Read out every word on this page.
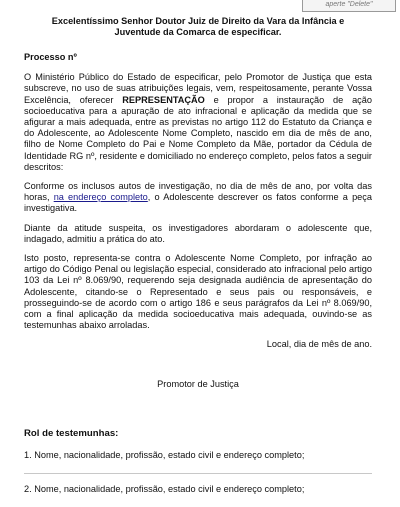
aperte "Delete"
Excelentíssimo Senhor Doutor Juiz de Direito da Vara da Infância e Juventude da Comarca de especificar.
Processo nº

O Ministério Público do Estado de especificar, pelo Promotor de Justiça que esta subscreve, no uso de suas atribuições legais, vem, respeitosamente, perante Vossa Excelência, oferecer REPRESENTAÇÃO e propor a instauração de ação socioeducativa para a apuração de ato infracional e aplicação da medida que se afigurar a mais adequada, entre as previstas no artigo 112 do Estatuto da Criança e do Adolescente, ao Adolescente Nome Completo, nascido em dia de mês de ano, filho de Nome Completo do Pai e Nome Completo da Mãe, portador da Cédula de Identidade RG nº, residente e domiciliado no endereço completo, pelos fatos a seguir descritos:

Conforme os inclusos autos de investigação, no dia de mês de ano, por volta das horas, na endereço completo, o Adolescente descrever os fatos conforme a peça investigativa.

Diante da atitude suspeita, os investigadores abordaram o adolescente que, indagado, admitiu a prática do ato.

Isto posto, representa-se contra o Adolescente Nome Completo, por infração ao artigo do Código Penal ou legislação especial, considerado ato infracional pelo artigo 103 da Lei nº 8.069/90, requerendo seja designada audiência de apresentação do Adolescente, citando-se o Representado e seus pais ou responsáveis, e prosseguindo-se de acordo com o artigo 186 e seus parágrafos da Lei nº 8.069/90, com a final aplicação da medida socioeducativa mais adequada, ouvindo-se as testemunhas abaixo arroladas.

Local, dia de mês de ano.
Promotor de Justiça
Rol de testemunhas:
1. Nome, nacionalidade, profissão, estado civil e endereço completo;
2. Nome, nacionalidade, profissão, estado civil e endereço completo;
